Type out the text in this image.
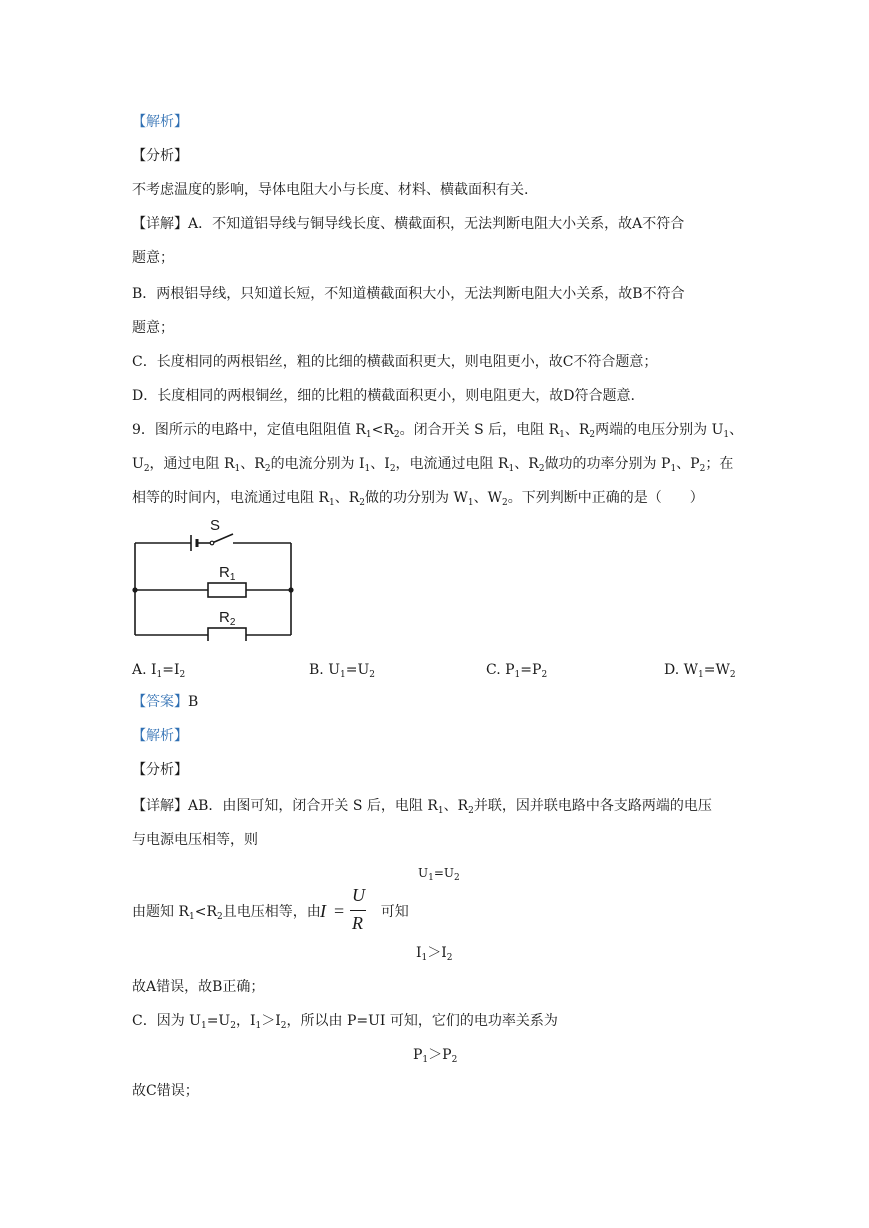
【解析】
【分析】
不考虑温度的影响，导体电阻大小与长度、材料、横截面积有关.
【详解】A．不知道铝导线与铜导线长度、横截面积，无法判断电阻大小关系，故A不符合
题意；
B．两根铝导线，只知道长短，不知道横截面积大小，无法判断电阻大小关系，故B不符合
题意；
C．长度相同的两根铝丝，粗的比细的横截面积更大，则电阻更小，故C不符合题意；
D．长度相同的两根铜丝，细的比粗的横截面积更小，则电阻更大，故D符合题意.
9．图所示的电路中，定值电阻阻值 $R_1<R_2$。闭合开关 S 后，电阻 $R_1$、$R_2$两端的电压分别为 $U_1$、
$U_2$，通过电阻 $R_1$、$R_2$的电流分别为 $I_1$、$I_2$，电流通过电阻 $R_1$、$R_2$做功的功率分别为 $P_1$、$P_2$；在
相等的时间内，电流通过电阻 $R_1$、$R_2$做的功分别为 $W_1$、$W_2$。下列判断中正确的是（　　）
S
$R_1$
$R_2$
A. $I_1=I_2$	B. $U_1=U_2$	C. $P_1=P_2$	D. $W_1=W_2$
【答案】B
【解析】
【分析】
【详解】AB．由图可知，闭合开关 S 后，电阻 $R_1$、$R_2$并联，因并联电路中各支路两端的电压
与电源电压相等，则
$U_1=U_2$
由题知 $R_1<R_2$且电压相等，由	可知
I =
U
R
$I_1>I_2$
故A错误，故B正确；
C．因为 $U_1=U_2$，$I_1>I_2$，所以由 P=UI 可知，它们的电功率关系为
$P_1>P_2$
故C错误；
